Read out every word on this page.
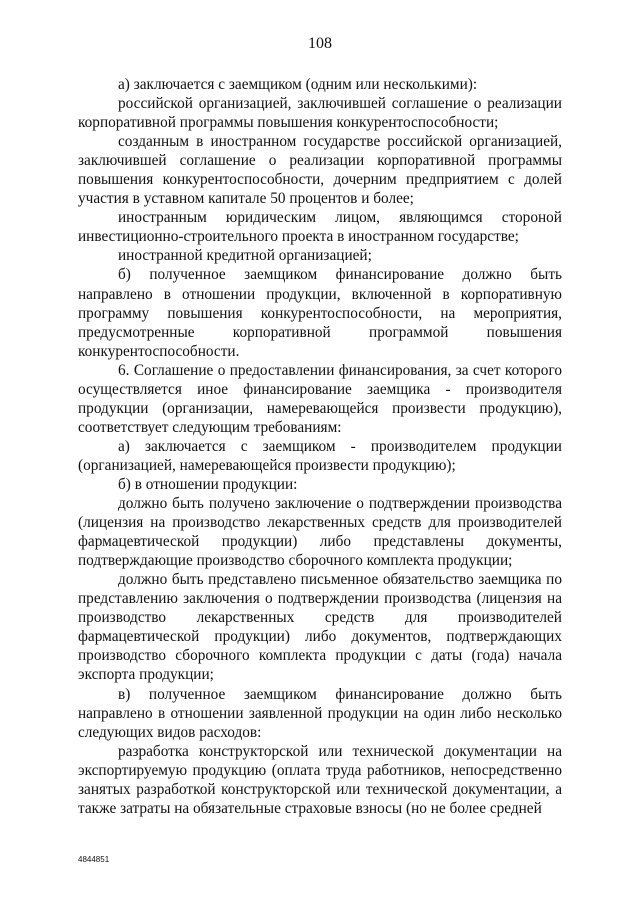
108

а) заключается с заемщиком (одним или несколькими):

российской организацией, заключившей соглашение о реализации корпоративной программы повышения конкурентоспособности;

созданным в иностранном государстве российской организацией, заключившей соглашение о реализации корпоративной программы повышения конкурентоспособности, дочерним предприятием с долей участия в уставном капитале 50 процентов и более;

иностранным юридическим лицом, являющимся стороной инвестиционно-строительного проекта в иностранном государстве;

иностранной кредитной организацией;

б) полученное заемщиком финансирование должно быть направлено в отношении продукции, включенной в корпоративную программу повышения конкурентоспособности, на мероприятия, предусмотренные корпоративной программой повышения конкурентоспособности.

6. Соглашение о предоставлении финансирования, за счет которого осуществляется иное финансирование заемщика - производителя продукции (организации, намеревающейся произвести продукцию), соответствует следующим требованиям:

а) заключается с заемщиком - производителем продукции (организацией, намеревающейся произвести продукцию);

б) в отношении продукции:

должно быть получено заключение о подтверждении производства (лицензия на производство лекарственных средств для производителей фармацевтической продукции) либо представлены документы, подтверждающие производство сборочного комплекта продукции;

должно быть представлено письменное обязательство заемщика по представлению заключения о подтверждении производства (лицензия на производство лекарственных средств для производителей фармацевтической продукции) либо документов, подтверждающих производство сборочного комплекта продукции с даты (года) начала экспорта продукции;

в) полученное заемщиком финансирование должно быть направлено в отношении заявленной продукции на один либо несколько следующих видов расходов:

разработка конструкторской или технической документации на экспортируемую продукцию (оплата труда работников, непосредственно занятых разработкой конструкторской или технической документации, а также затраты на обязательные страховые взносы (но не более средней

4844851
